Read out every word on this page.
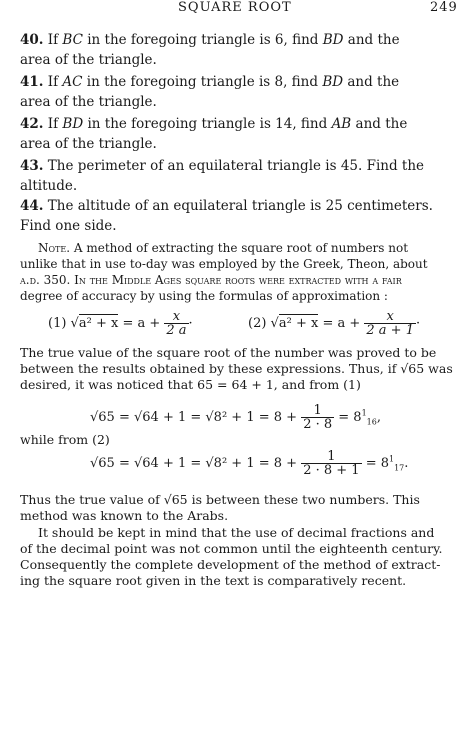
SQUARE ROOT	249
40. If BC in the foregoing triangle is 6, find BD and the
area of the triangle.
41. If AC in the foregoing triangle is 8, find BD and the
area of the triangle.
42. If BD in the foregoing triangle is 14, find AB and the
area of the triangle.
43. The perimeter of an equilateral triangle is 45. Find the
altitude.
44. The altitude of an equilateral triangle is 25 centimeters.
Find one side.
Note. A method of extracting the square root of numbers not
unlike that in use to-day was employed by the Greek, Theon, about
a.d. 350. In the Middle Ages square roots were extracted with a fair
degree of accuracy by using the formulas of approximation :
(1) $√a^2 + x = a + \frac{x}{2 a}$ ·	(2) $√a^2 + x = a + \frac{x}{2 a + 1}$ ·
The true value of the square root of the number was proved to be
between the results obtained by these expressions. Thus, if √65 was
desired, it was noticed that 65 = 64 + 1, and from (1)
$√65 = √64 + 1 = √8^2 + 1 = 8 + \frac{1}{2 \cdot 8} = 8^1_{16}$,
while from (2)
$√65 = √64 + 1 = √8^2 + 1 = 8 + \frac{1}{2 \cdot 8 + 1} = 8^1_{17}$.
Thus the true value of √65 is between these two numbers. This
method was known to the Arabs.
It should be kept in mind that the use of decimal fractions and
of the decimal point was not common until the eighteenth century.
Consequently the complete development of the method of extract-
ing the square root given in the text is comparatively recent.
